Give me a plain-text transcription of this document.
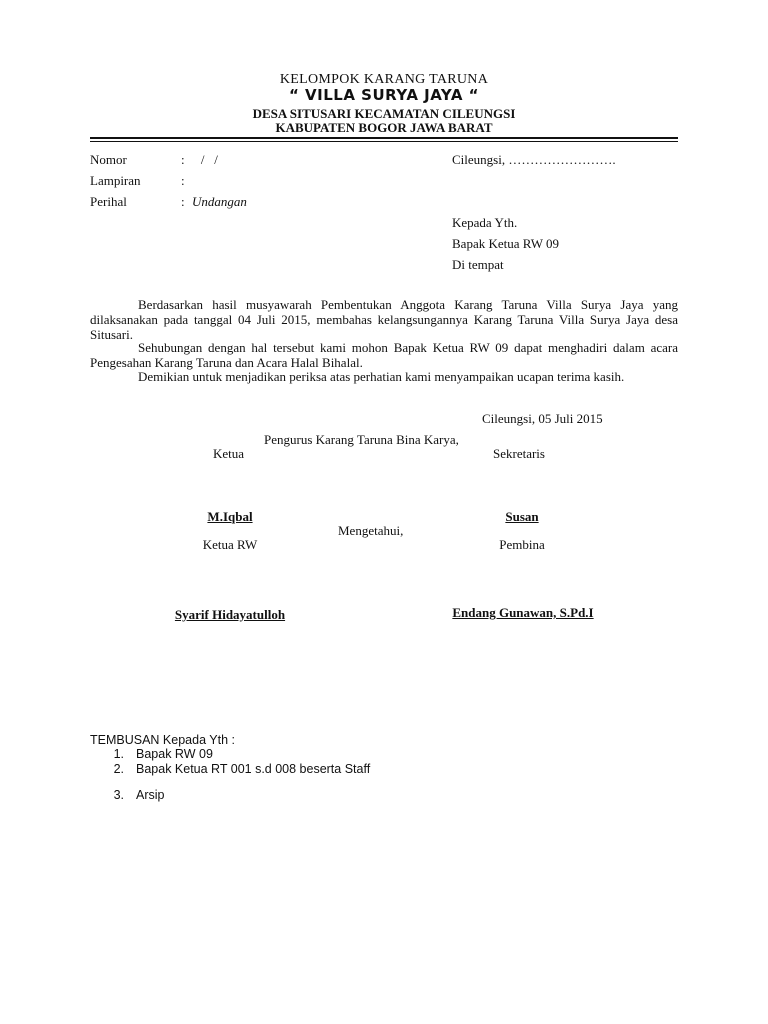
KELOMPOK KARANG TARUNA
“ VILLA SURYA JAYA “
DESA SITUSARI KECAMATAN CILEUNGSI
KABUPATEN BOGOR JAWA BARAT
Nomor	:     /   /	Cileungsi, …………………….
Lampiran	:
Perihal	: Undangan
Kepada Yth.
Bapak Ketua RW 09
Di tempat
Berdasarkan hasil musyawarah Pembentukan Anggota Karang Taruna Villa Surya Jaya yang dilaksanakan pada tanggal 04 Juli 2015, membahas kelangsungannya Karang Taruna Villa Surya Jaya desa Situsari.
Sehubungan dengan hal tersebut kami mohon Bapak Ketua RW 09 dapat menghadiri dalam acara Pengesahan Karang Taruna dan Acara Halal Bihalal.
Demikian untuk menjadikan periksa atas perhatian kami menyampaikan ucapan terima kasih.
Cileungsi, 05 Juli 2015
Pengurus Karang Taruna Bina Karya,
Ketua	Sekretaris
M.Iqbal	Susan
Mengetahui,
Ketua RW	Pembina
Syarif Hidayatulloh	Endang Gunawan, S.Pd.I
TEMBUSAN Kepada Yth :
1. Bapak RW 09
2. Bapak Ketua RT 001 s.d 008 beserta Staff
3. Arsip
